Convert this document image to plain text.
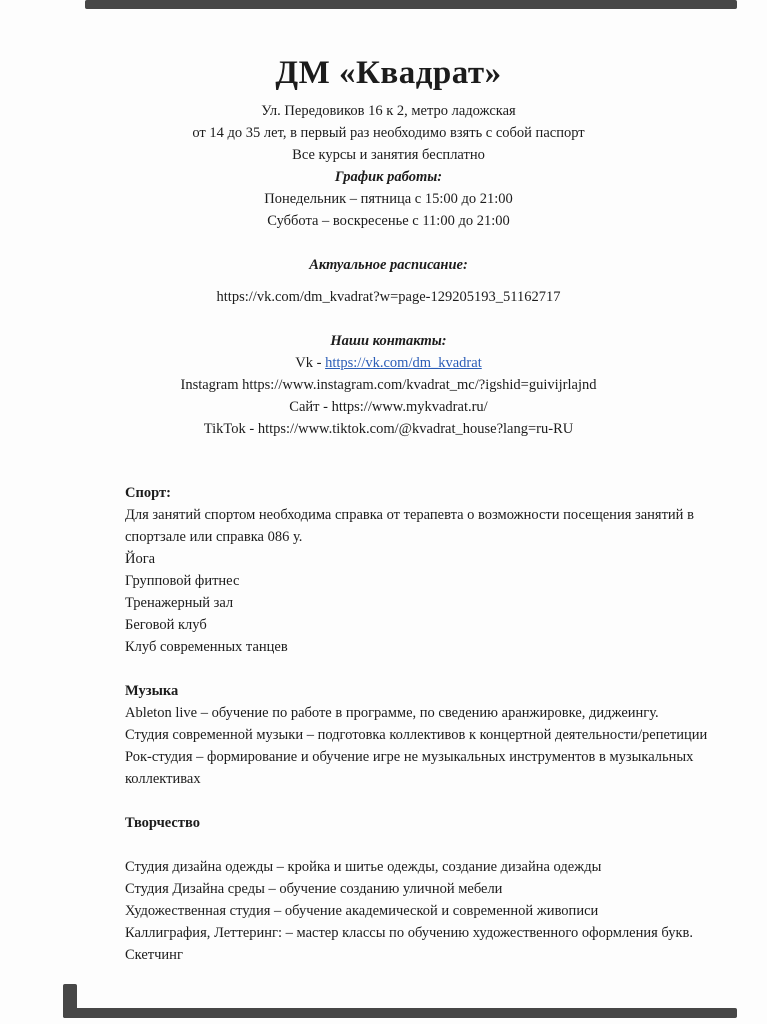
ДМ «Квадрат»

Ул. Передовиков 16 к 2, метро ладожская

от 14 до 35 лет, в первый раз необходимо взять с собой паспорт

Все курсы и занятия бесплатно

График работы:

Понедельник – пятница с 15:00 до 21:00

Суббота – воскресенье с 11:00 до 21:00

Актуальное расписание:

https://vk.com/dm_kvadrat?w=page-129205193_51162717

Наши контакты:

Vk - https://vk.com/dm_kvadrat

Instagram https://www.instagram.com/kvadrat_mc/?igshid=guivijrlajnd

Сайт - https://www.mykvadrat.ru/

TikTok - https://www.tiktok.com/@kvadrat_house?lang=ru-RU

Спорт:

Для занятий спортом необходима справка от терапевта о возможности посещения занятий в спортзале или справка 086 у.

Йога

Групповой фитнес

Тренажерный зал

Беговой клуб

Клуб современных танцев

Музыка

Ableton live – обучение по работе в программе, по сведению аранжировке, диджеингу.

Студия современной музыки – подготовка коллективов к концертной деятельности/репетиции

Рок-студия – формирование и обучение игре не музыкальных инструментов в музыкальных коллективах

Творчество

Студия дизайна одежды – кройка и шитье одежды, создание дизайна одежды

Студия Дизайна среды – обучение созданию уличной мебели

Художественная студия – обучение академической и современной живописи

Каллиграфия, Леттеринг: – мастер классы по обучению художественного оформления букв.

Скетчинг
